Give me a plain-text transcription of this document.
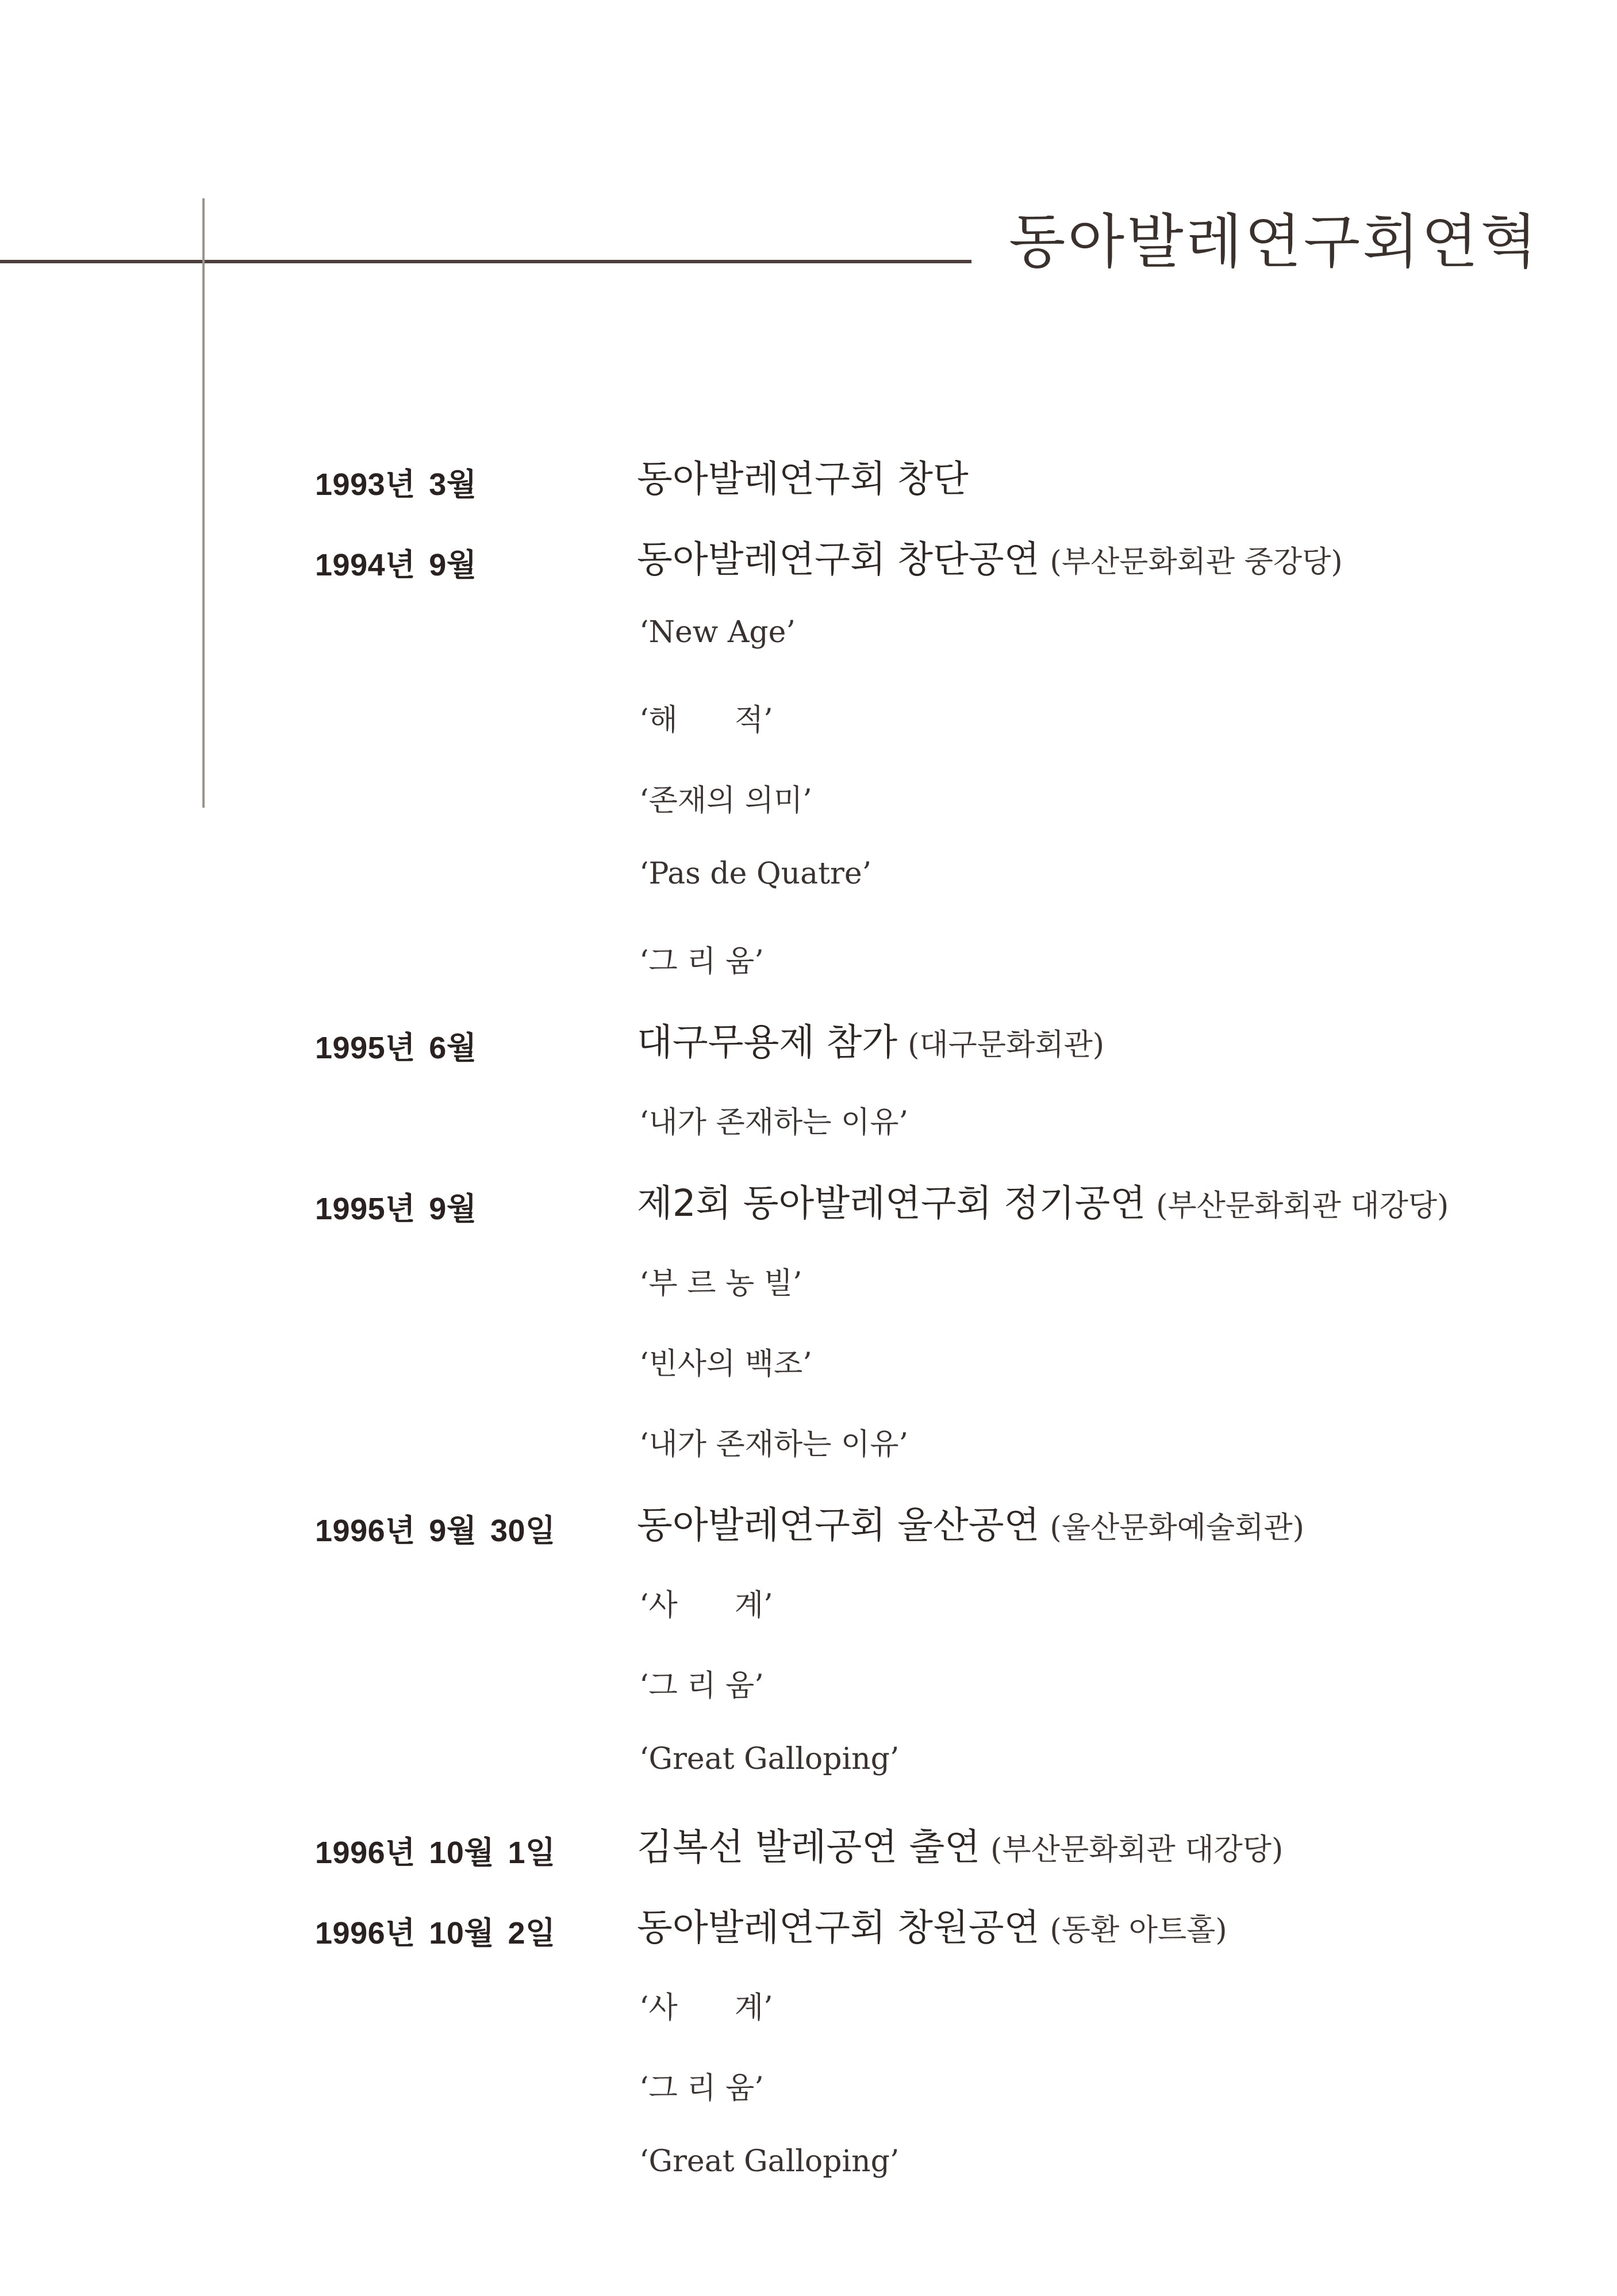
동아발레연구회연혁
1993년 3월	동아발레연구회 창단
1994년 9월	동아발레연구회 창단공연 (부산문화회관 중강당)
‘New Age’
‘해      적’
‘존재의 의미’
‘Pas de Quatre’
‘그 리 움’
1995년 6월	대구무용제 참가 (대구문화회관)
‘내가 존재하는 이유’
1995년 9월	제2회 동아발레연구회 정기공연 (부산문화회관 대강당)
‘부 르 농 빌’
‘빈사의 백조’
‘내가 존재하는 이유’
1996년 9월 30일	동아발레연구회 울산공연 (울산문화예술회관)
‘사      계’
‘그 리 움’
‘Great Galloping’
1996년 10월 1일	김복선 발레공연 출연 (부산문화회관 대강당)
1996년 10월 2일	동아발레연구회 창원공연 (동환 아트홀)
‘사      계’
‘그 리 움’
‘Great Galloping’
